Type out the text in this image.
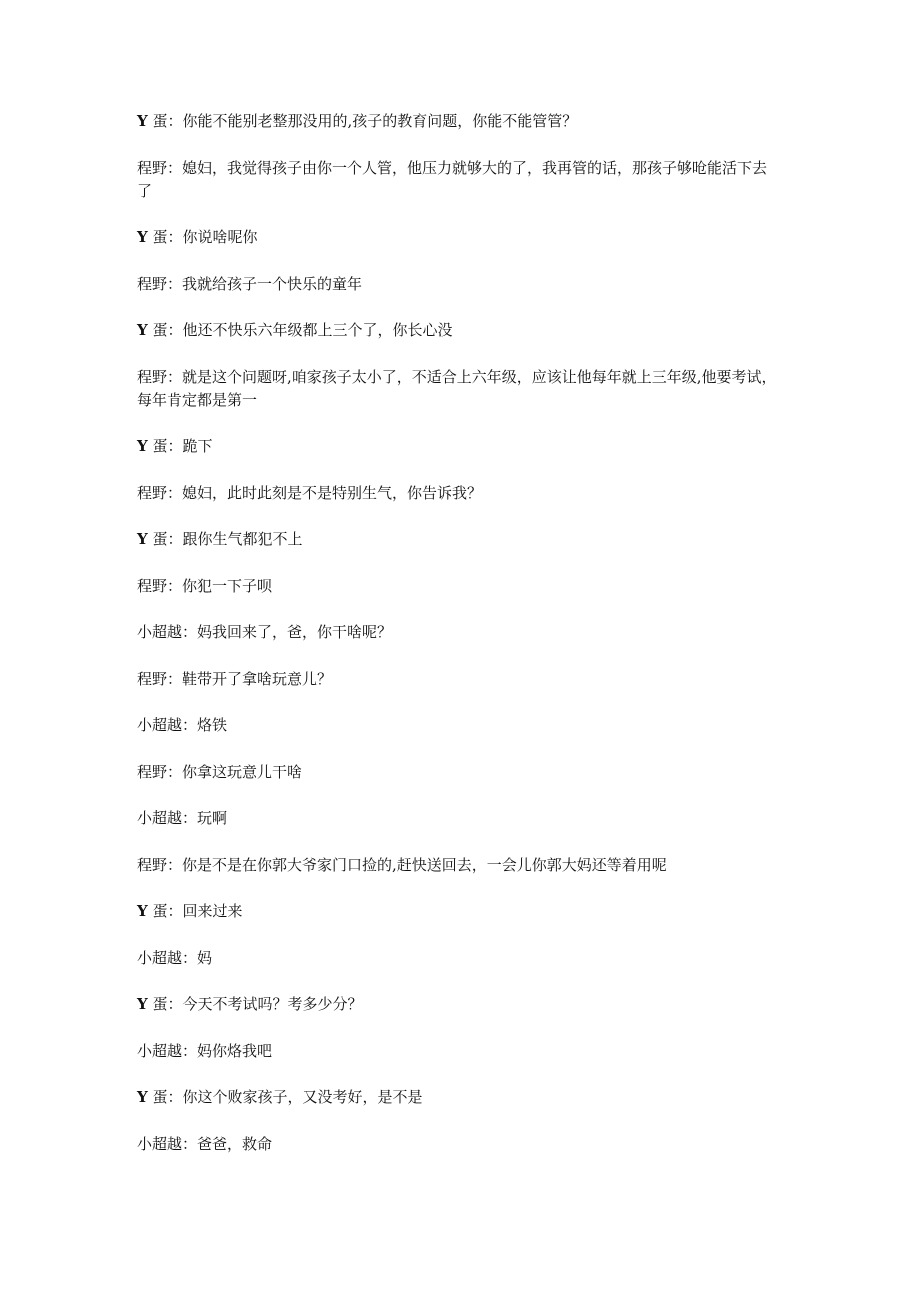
Y 蛋：你能不能别老整那没用的,孩子的教育问题，你能不能管管？

程野：媳妇，我觉得孩子由你一个人管，他压力就够大的了，我再管的话，那孩子够呛能活下去了

Y 蛋：你说啥呢你

程野：我就给孩子一个快乐的童年

Y 蛋：他还不快乐六年级都上三个了，你长心没

程野：就是这个问题呀,咱家孩子太小了，不适合上六年级，应该让他每年就上三年级,他要考试，每年肯定都是第一

Y 蛋：跪下

程野：媳妇，此时此刻是不是特别生气，你告诉我？

Y 蛋：跟你生气都犯不上

程野：你犯一下子呗

小超越：妈我回来了，爸，你干啥呢？

程野：鞋带开了拿啥玩意儿？

小超越：烙铁

程野：你拿这玩意儿干啥

小超越：玩啊

程野：你是不是在你郭大爷家门口捡的,赶快送回去，一会儿你郭大妈还等着用呢

Y 蛋：回来过来

小超越：妈

Y 蛋：今天不考试吗？考多少分？

小超越：妈你烙我吧

Y 蛋：你这个败家孩子，又没考好，是不是

小超越：爸爸，救命
